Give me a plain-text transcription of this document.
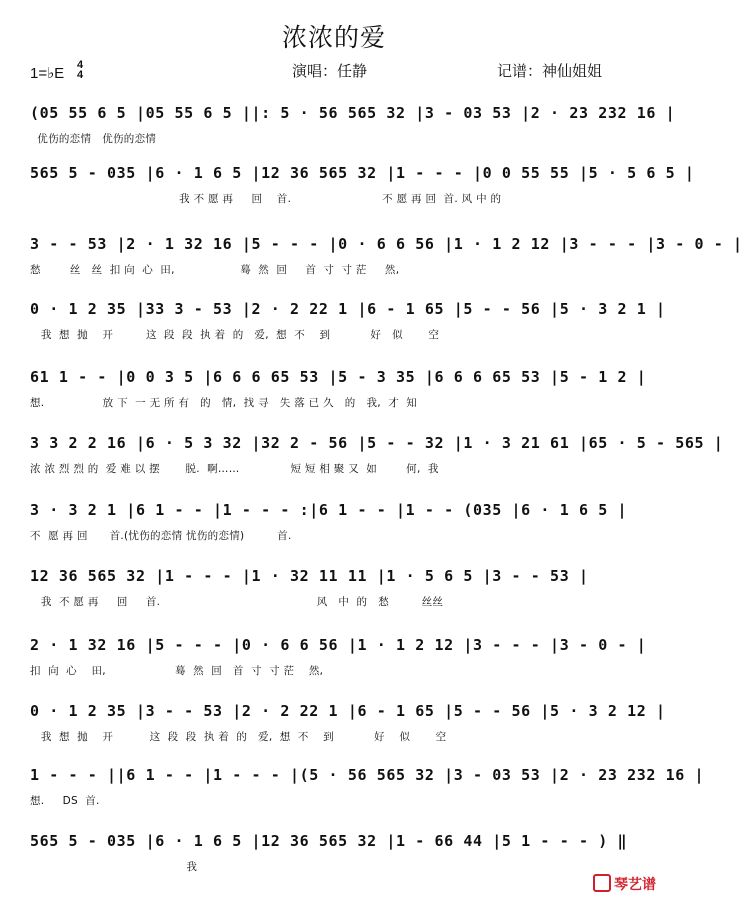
浓浓的爱
1=♭E	4
4	演唱：任静	记谱：神仙姐姐
(05 55 6 5 |05 55 6 5 ||: 5 · 56 565 32 |3 - 03 53 |2 · 23 232 16 |
优伤的恋情   优伤的恋情
565 5 - 035 |6 · 1 6 5 |12 36 565 32 |1 - - - |0 0 55 55 |5 · 5 6 5 |
我 不 愿 再     回    首.                         不 愿 再 回  首. 风 中 的
3 - - 53 |2 · 1 32 16 |5 - - - |0 · 6 6 56 |1 · 1 2 12 |3 - - - |3 - 0 - |
愁        丝   丝  扣 向  心  田,                  蓦  然  回     首  寸  寸 茫     然,
0 · 1 2 35 |33 3 - 53 |2 · 2 22 1 |6 - 1 65 |5 - - 56 |5 · 3 2 1 |
我  想  抛    开         这  段  段  执 着  的   爱,  想  不    到           好   似       空
61 1 - - |0 0 3 5 |6 6 6 65 53 |5 - 3 35 |6 6 6 65 53 |5 - 1 2 |
想.                放 下  一 无 所 有   的   情,  找 寻   失 落 已 久   的   我,  才  知
3 3 2 2 16 |6 · 5 3 32 |32 2 - 56 |5 - - 32 |1 · 3 21 61 |65 · 5 - 565 |
浓 浓 烈 烈 的  爱 难 以 摆       脱.  啊……              短 短 相 聚 又  如        何,  我
3 · 3 2 1 |6 1 - - |1 - - - :|6 1 - - |1 - - (035 |6 · 1 6 5 |
不  愿 再 回      首.(忧伤的恋情 忧伤的恋情)         首.
12 36 565 32 |1 - - - |1 · 32 11 11 |1 · 5 6 5 |3 - - 53 |
我  不 愿 再     回     首.                                           风   中  的   愁         丝丝
2 · 1 32 16 |5 - - - |0 · 6 6 56 |1 · 1 2 12 |3 - - - |3 - 0 - |
扣  向  心    田,                   蓦  然  回   首  寸  寸 茫    然,
0 · 1 2 35 |3 - - 53 |2 · 2 22 1 |6 - 1 65 |5 - - 56 |5 · 3 2 12 |
我  想  抛    开          这  段  段  执 着  的   爱,  想  不    到           好    似       空
1 - - - ||6 1 - - |1 - - - |(5 · 56 565 32 |3 - 03 53 |2 · 23 232 16 |
想.     DS  首.
565 5 - 035 |6 · 1 6 5 |12 36 565 32 |1 - 66 44 |5 1 - - - ) ‖
我
琴艺谱
